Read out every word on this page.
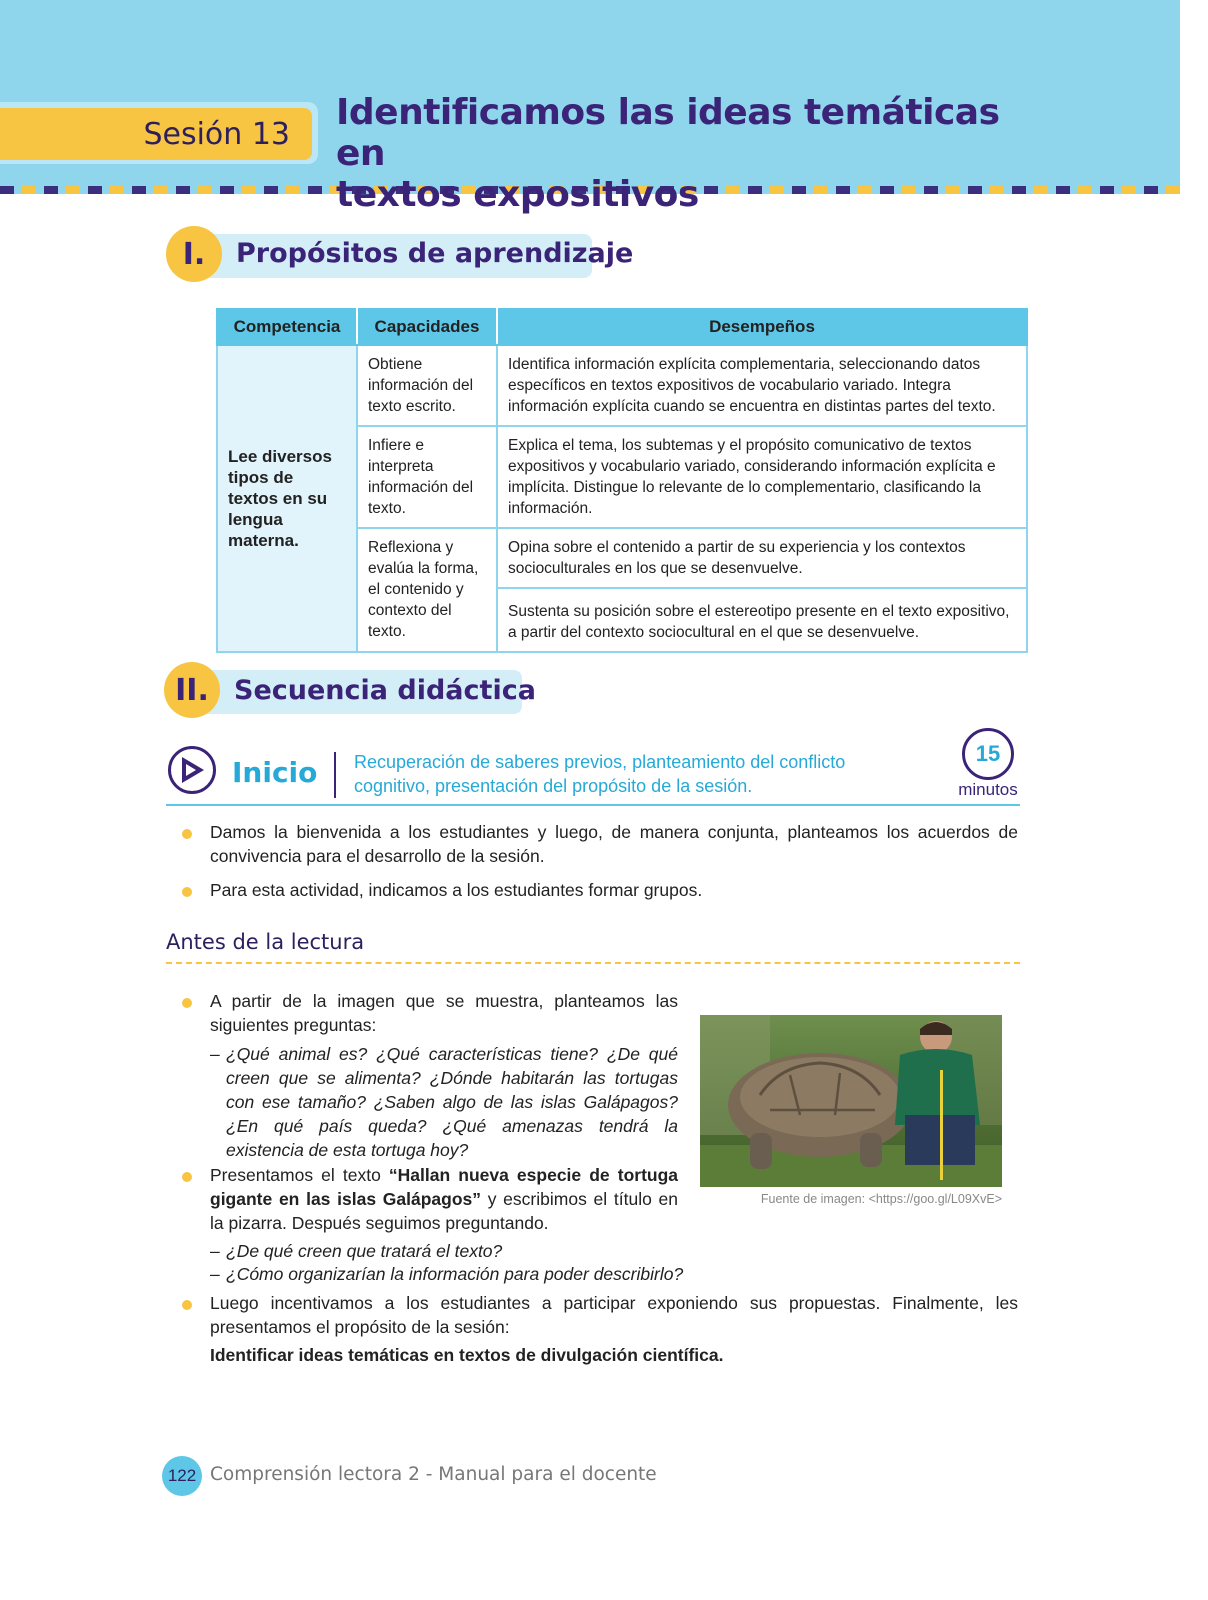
Sesión 13
Identificamos las ideas temáticas en
textos expositivos
I.	Propósitos de aprendizaje
Competencia	Capacidades	Desempeños
Lee diversos tipos de textos en su lengua materna.	Obtiene información del texto escrito.	Identifica información explícita complementaria, seleccionando datos específicos en textos expositivos de vocabulario variado. Integra información explícita cuando se encuentra en distintas partes del texto.
	Infiere e interpreta información del texto.	Explica el tema, los subtemas y el propósito comunicativo de textos expositivos y vocabulario variado, considerando información explícita e implícita. Distingue lo relevante de lo complementario, clasificando la información.
	Reflexiona y evalúa la forma, el contenido y contexto del texto.	Opina sobre el contenido a partir de su experiencia y los contextos socioculturales en los que se desenvuelve.
		Sustenta su posición sobre el estereotipo presente en el texto expositivo, a partir del contexto sociocultural en el que se desenvuelve.
II. Secuencia didáctica
Inicio Recuperación de saberes previos, planteamiento del conflicto cognitivo, presentación del propósito de la sesión.
15
minutos
Damos la bienvenida a los estudiantes y luego, de manera conjunta, planteamos los acuerdos de convivencia para el desarrollo de la sesión.
Para esta actividad, indicamos a los estudiantes formar grupos.
Antes de la lectura
A partir de la imagen que se muestra, planteamos las siguientes preguntas:
– ¿Qué animal es? ¿Qué características tiene? ¿De qué creen que se alimenta? ¿Dónde habitarán las tortugas con ese tamaño? ¿Saben algo de las islas Galápagos? ¿En qué país queda? ¿Qué amenazas tendrá la existencia de esta tortuga hoy?
Presentamos el texto “Hallan nueva especie de tortuga gigante en las islas Galápagos” y escribimos el título en la pizarra. Después seguimos preguntando.
– ¿De qué creen que tratará el texto?
– ¿Cómo organizarían la información para poder describirlo?
Luego incentivamos a los estudiantes a participar exponiendo sus propuestas. Finalmente, les presentamos el propósito de la sesión:
Identificar ideas temáticas en textos de divulgación científica.
Fuente de imagen: <https://goo.gl/L09XvE>
122 Comprensión lectora 2 - Manual para el docente
